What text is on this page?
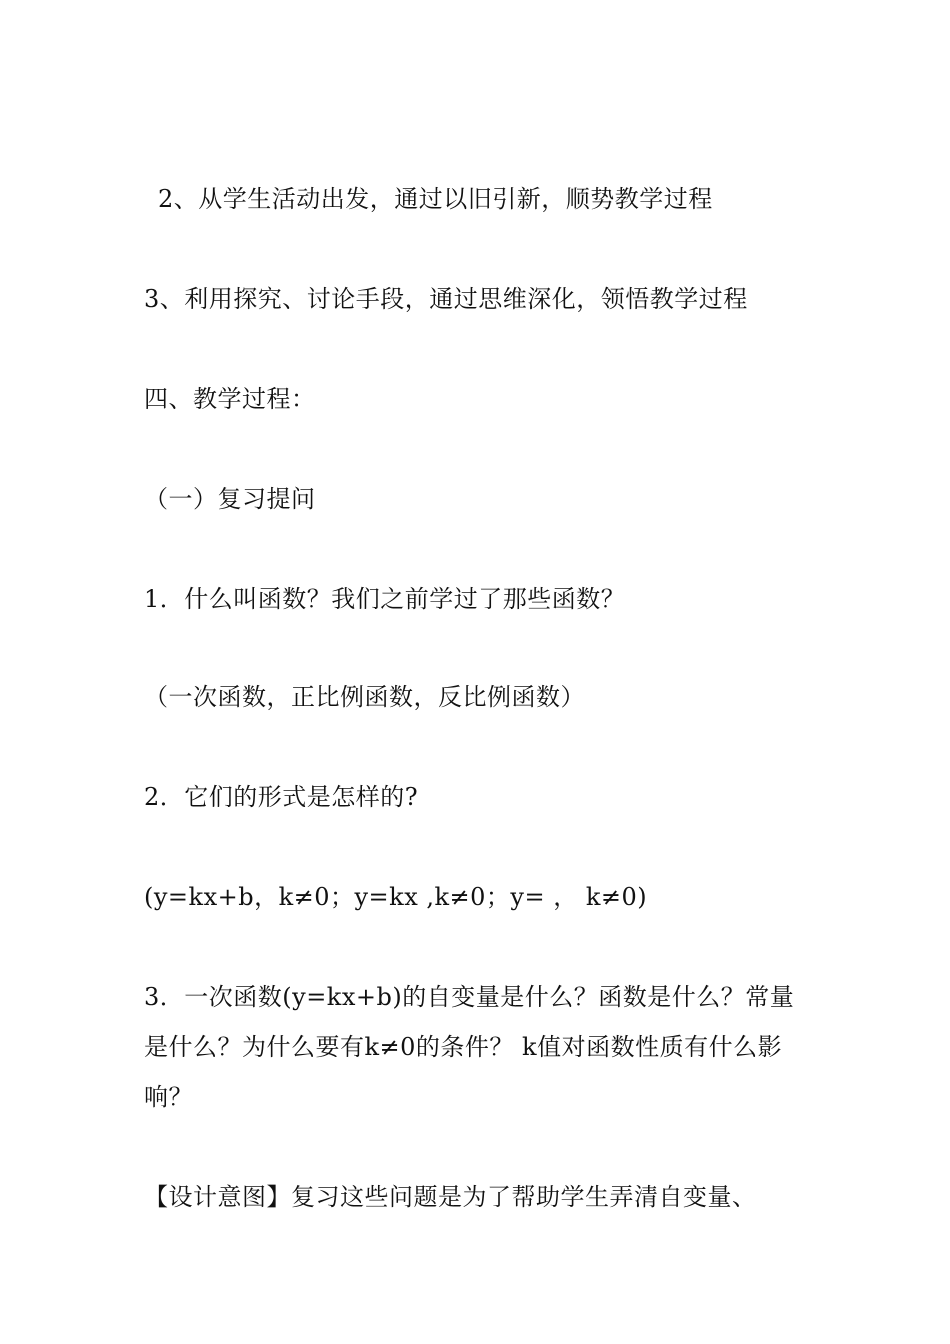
2、从学生活动出发，通过以旧引新，顺势教学过程
3、利用探究、讨论手段，通过思维深化，领悟教学过程
四、教学过程：
（一）复习提问
1．什么叫函数？我们之前学过了那些函数？
（一次函数，正比例函数，反比例函数）
2．它们的形式是怎样的?
(y=kx+b，k≠0；y=kx ,k≠0；y= ， k≠0)
3．一次函数(y=kx+b)的自变量是什么？函数是什么？常量是什么？为什么要有k≠0的条件？ k值对函数性质有什么影响？
【设计意图】复习这些问题是为了帮助学生弄清自变量、
